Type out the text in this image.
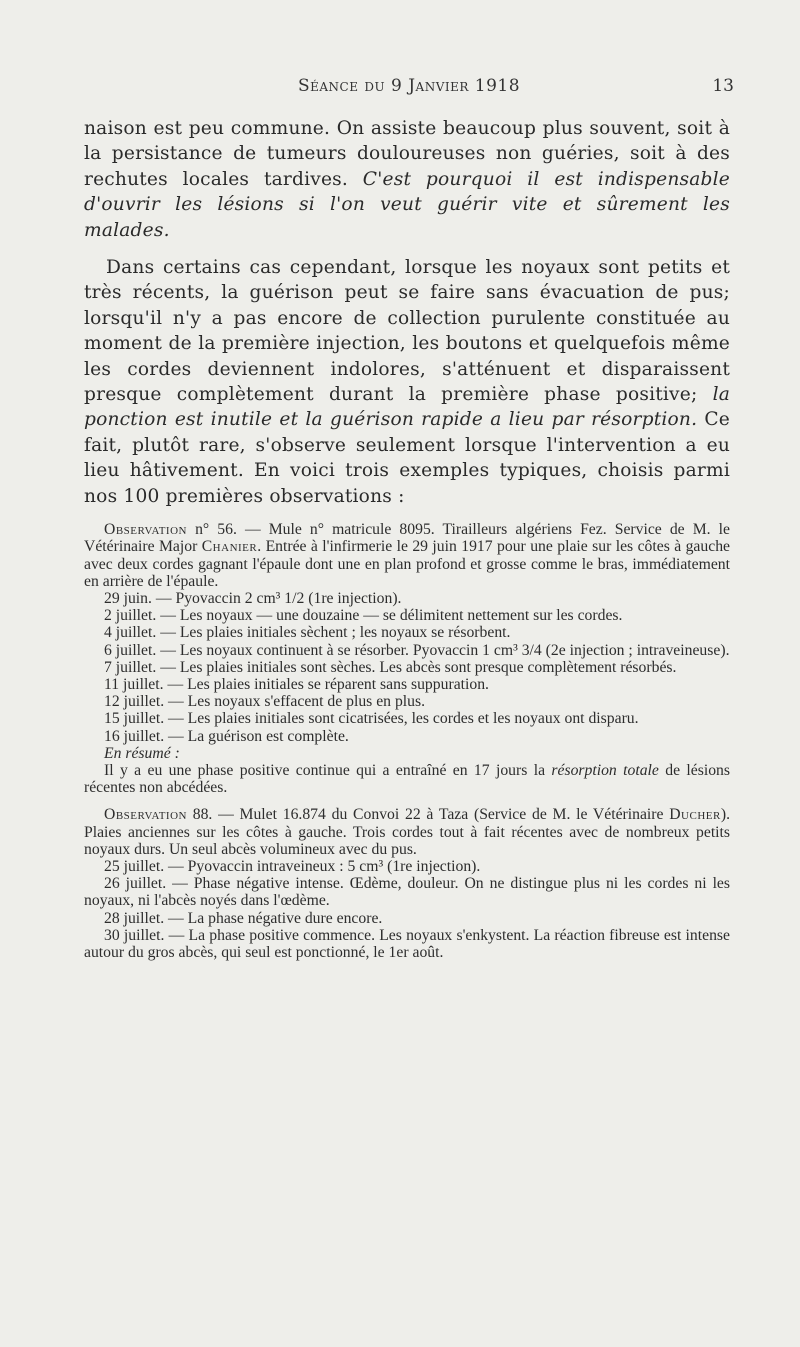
Séance du 9 Janvier 1918	13

naison est peu commune. On assiste beaucoup plus souvent, soit à la persistance de tumeurs douloureuses non guéries, soit à des rechutes locales tardives. C'est pourquoi il est indispensable d'ouvrir les lésions si l'on veut guérir vite et sûrement les malades.

Dans certains cas cependant, lorsque les noyaux sont petits et très récents, la guérison peut se faire sans évacuation de pus; lorsqu'il n'y a pas encore de collection purulente constituée au moment de la première injection, les boutons et quelquefois même les cordes deviennent indolores, s'atténuent et disparaissent presque complètement durant la première phase positive; la ponction est inutile et la guérison rapide a lieu par résorption. Ce fait, plutôt rare, s'observe seulement lorsque l'intervention a eu lieu hâtivement. En voici trois exemples typiques, choisis parmi nos 100 premières observations :

Observation n° 56. — Mule n° matricule 8095. Tirailleurs algériens Fez. Service de M. le Vétérinaire Major Chanier. Entrée à l'infirmerie le 29 juin 1917 pour une plaie sur les côtes à gauche avec deux cordes gagnant l'épaule dont une en plan profond et grosse comme le bras, immédiatement en arrière de l'épaule.

29 juin. — Pyovaccin 2 cm³ 1/2 (1re injection).

2 juillet. — Les noyaux — une douzaine — se délimitent nettement sur les cordes.

4 juillet. — Les plaies initiales sèchent ; les noyaux se résorbent.

6 juillet. — Les noyaux continuent à se résorber. Pyovaccin 1 cm³ 3/4 (2e injection ; intraveineuse).

7 juillet. — Les plaies initiales sont sèches. Les abcès sont presque complètement résorbés.

11 juillet. — Les plaies initiales se réparent sans suppuration.

12 juillet. — Les noyaux s'effacent de plus en plus.

15 juillet. — Les plaies initiales sont cicatrisées, les cordes et les noyaux ont disparu.

16 juillet. — La guérison est complète.

En résumé :

Il y a eu une phase positive continue qui a entraîné en 17 jours la résorption totale de lésions récentes non abcédées.

Observation 88. — Mulet 16.874 du Convoi 22 à Taza (Service de M. le Vétérinaire Ducher). Plaies anciennes sur les côtes à gauche. Trois cordes tout à fait récentes avec de nombreux petits noyaux durs. Un seul abcès volumineux avec du pus.

25 juillet. — Pyovaccin intraveineux : 5 cm³ (1re injection).

26 juillet. — Phase négative intense. Œdème, douleur. On ne distingue plus ni les cordes ni les noyaux, ni l'abcès noyés dans l'œdème.

28 juillet. — La phase négative dure encore.

30 juillet. — La phase positive commence. Les noyaux s'enkystent. La réaction fibreuse est intense autour du gros abcès, qui seul est ponctionné, le 1er août.
